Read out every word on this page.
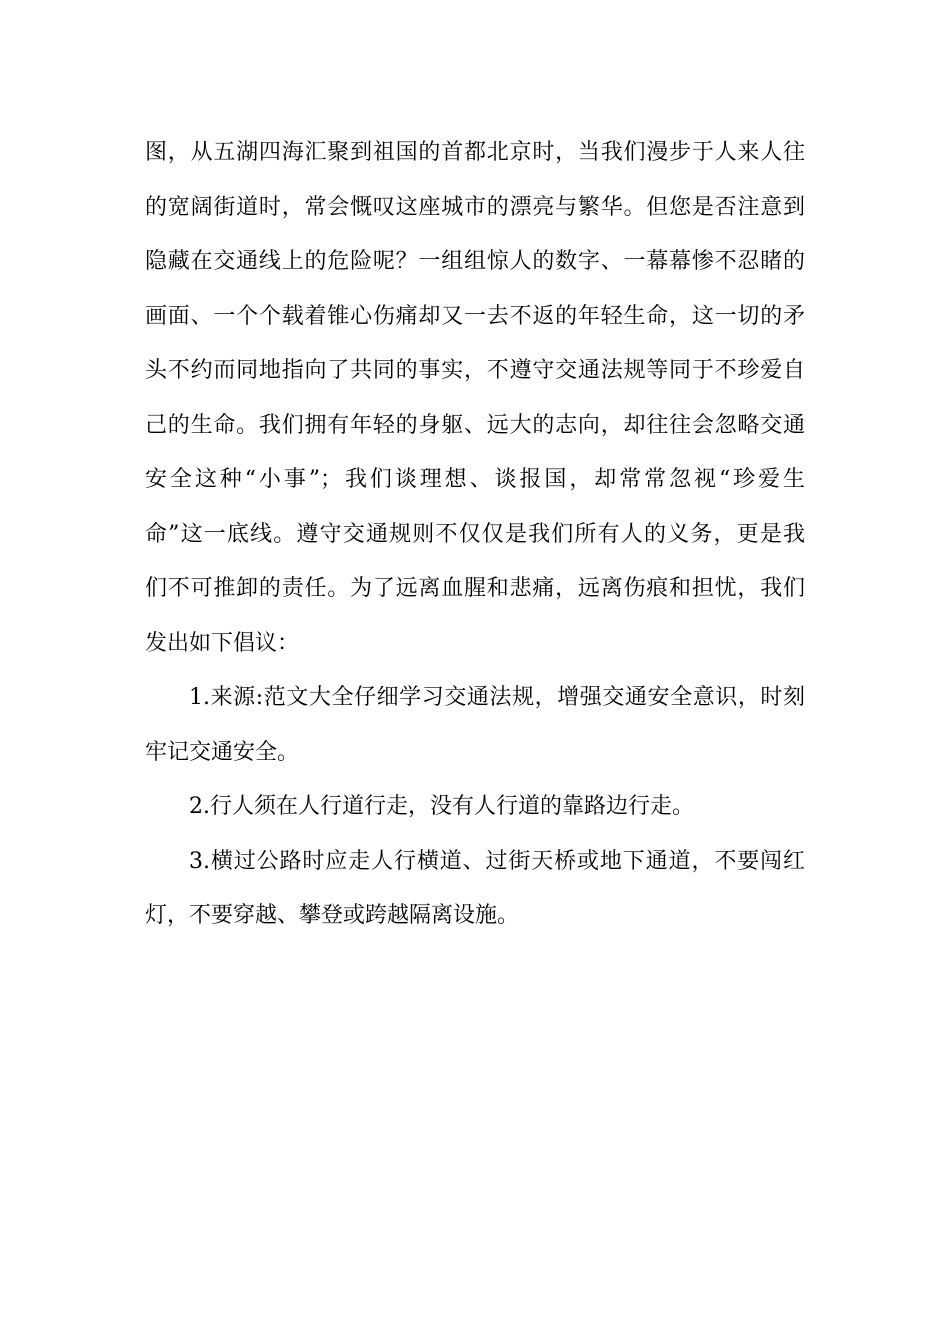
图，从五湖四海汇聚到祖国的首都北京时，当我们漫步于人来人往
的宽阔街道时，常会慨叹这座城市的漂亮与繁华。但您是否注意到
隐藏在交通线上的危险呢？一组组惊人的数字、一幕幕惨不忍睹的
画面、一个个载着锥心伤痛却又一去不返的年轻生命，这一切的矛
头不约而同地指向了共同的事实，不遵守交通法规等同于不珍爱自
己的生命。我们拥有年轻的身躯、远大的志向，却往往会忽略交通
安全这种“小事”；我们谈理想、谈报国，却常常忽视“珍爱生
命”这一底线。遵守交通规则不仅仅是我们所有人的义务，更是我
们不可推卸的责任。为了远离血腥和悲痛，远离伤痕和担忧，我们
发出如下倡议：
1.来源:范文大全仔细学习交通法规，增强交通安全意识，时刻
牢记交通安全。
2.行人须在人行道行走，没有人行道的靠路边行走。
3.横过公路时应走人行横道、过街天桥或地下通道，不要闯红
灯，不要穿越、攀登或跨越隔离设施。
